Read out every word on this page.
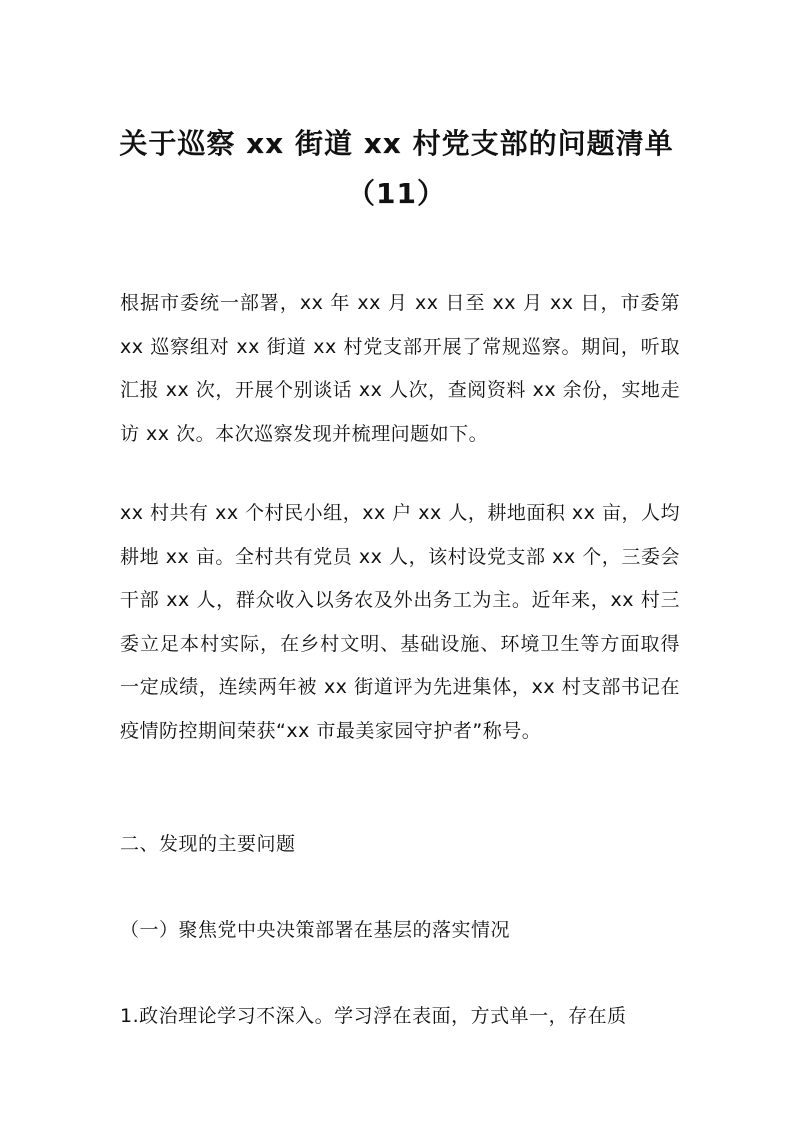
关于巡察 xx 街道 xx 村党支部的问题清单
（11）

根据市委统一部署，xx 年 xx 月 xx 日至 xx 月 xx 日，市委第 xx 巡察组对 xx 街道 xx 村党支部开展了常规巡察。期间，听取汇报 xx 次，开展个别谈话 xx 人次，查阅资料 xx 余份，实地走访 xx 次。本次巡察发现并梳理问题如下。

xx 村共有 xx 个村民小组，xx 户 xx 人，耕地面积 xx 亩，人均耕地 xx 亩。全村共有党员 xx 人，该村设党支部 xx 个，三委会干部 xx 人，群众收入以务农及外出务工为主。近年来，xx 村三委立足本村实际，在乡村文明、基础设施、环境卫生等方面取得一定成绩，连续两年被 xx 街道评为先进集体，xx 村支部书记在疫情防控期间荣获“xx 市最美家园守护者”称号。

二、发现的主要问题

（一）聚焦党中央决策部署在基层的落实情况

1.政治理论学习不深入。学习浮在表面，方式单一，存在质
